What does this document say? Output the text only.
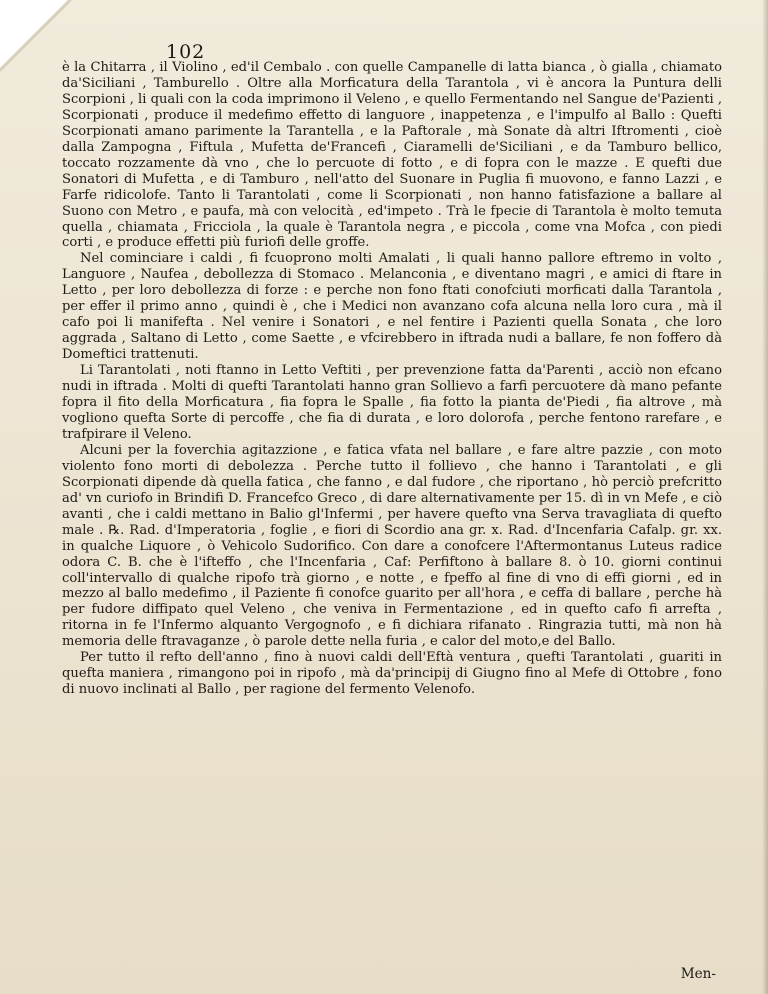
102

è la Chitarra , il Violino , ed'il Cembalo . con quelle Campanelle di latta bianca , ò gialla , chiamato da'Siciliani , Tamburello . Oltre alla Morficatura della Tarantola , vi è ancora la Puntura delli Scorpioni , li quali con la coda imprimono il Veleno , e quello Fermentando nel Sangue de'Pazienti , Scorpionati , produce il medefimo effetto di languore , inappetenza , e l'impulfo al Ballo : Quefti Scorpionati amano parimente la Tarantella , e la Paftorale , mà Sonate dà altri Iftromenti , cioè dalla Zampogna , Fiftula , Mufetta de'Francefi , Ciaramelli de'Siciliani , e da Tamburo bellico, toccato rozzamente dà vno , che lo percuote di fotto , e di fopra con le mazze . E quefti due Sonatori di Mufetta , e di Tamburo , nell'atto del Suonare in Puglia fi muovono, e fanno Lazzi , e Farfe ridicolofe. Tanto li Tarantolati , come li Scorpionati , non hanno fatisfazione a ballare al Suono con Metro , e paufa, mà con velocità , ed'impeto . Trà le fpecie di Tarantola è molto temuta quella , chiamata , Fricciola , la quale è Tarantola negra , e piccola , come vna Mofca , con piedi corti , e produce effetti più furiofi delle groffe.

Nel cominciare i caldi , fi fcuoprono molti Amalati , li quali hanno pallore eftremo in volto , Languore , Naufea , debollezza di Stomaco . Melanconia , e diventano magri , e amici di ftare in Letto , per loro debollezza di forze : e perche non fono ftati conofciuti morficati dalla Tarantola , per effer il primo anno , quindi è , che i Medici non avanzano cofa alcuna nella loro cura , mà il cafo poi li manifefta . Nel venire i Sonatori , e nel fentire i Pazienti quella Sonata , che loro aggrada , Saltano di Letto , come Saette , e vfcirebbero in iftrada nudi a ballare, fe non foffero dà Domeftici trattenuti.

Li Tarantolati , noti ftanno in Letto Veftiti , per prevenzione fatta da'Parenti , acciò non efcano nudi in iftrada . Molti di quefti Tarantolati hanno gran Sollievo a farfi percuotere dà mano pefante fopra il fito della Morficatura , fia fopra le Spalle , fia fotto la pianta de'Piedi , fia altrove , mà vogliono quefta Sorte di percoffe , che fia di durata , e loro dolorofa , perche fentono rarefare , e trafpirare il Veleno.

Alcuni per la foverchia agitazzione , e fatica vfata nel ballare , e fare altre pazzie , con moto violento fono morti di debolezza . Perche tutto il follievo , che hanno i Tarantolati , e gli Scorpionati dipende dà quella fatica , che fanno , e dal fudore , che riportano , hò perciò prefcritto ad' vn curiofo in Brindifi D. Francefco Greco , di dare alternativamente per 15. dì in vn Mefe , e ciò avanti , che i caldi mettano in Balio gl'Infermi , per havere quefto vna Serva travagliata di quefto male . ℞. Rad. d'Imperatoria , foglie , e fiori di Scordio ana gr. x. Rad. d'Incenfaria Cafalp. gr. xx. in qualche Liquore , ò Vehicolo Sudorifico. Con dare a conofcere l'Aftermontanus Luteus radice odora C. B. che è l'ifteffo , che l'Incenfaria , Caf: Perfiftono à ballare 8. ò 10. giorni continui coll'intervallo di qualche ripofo trà giorno , e notte , e fpeffo al fine di vno di effi giorni , ed in mezzo al ballo medefimo , il Paziente fi conofce guarito per all'hora , e ceffa di ballare , perche hà per fudore diffipato quel Veleno , che veniva in Fermentazione , ed in quefto cafo fi arrefta , ritorna in fe l'Infermo alquanto Vergognofo , e fi dichiara rifanato . Ringrazia tutti, mà non hà memoria delle ftravaganze , ò parole dette nella furia , e calor del moto,e del Ballo.

Per tutto il refto dell'anno , fino à nuovi caldi dell'Eftà ventura , quefti Tarantolati , guariti in quefta maniera , rimangono poi in ripofo , mà da'principij di Giugno fino al Mefe di Ottobre , fono di nuovo inclinati al Ballo , per ragione del fermento Velenofo.

Men-
